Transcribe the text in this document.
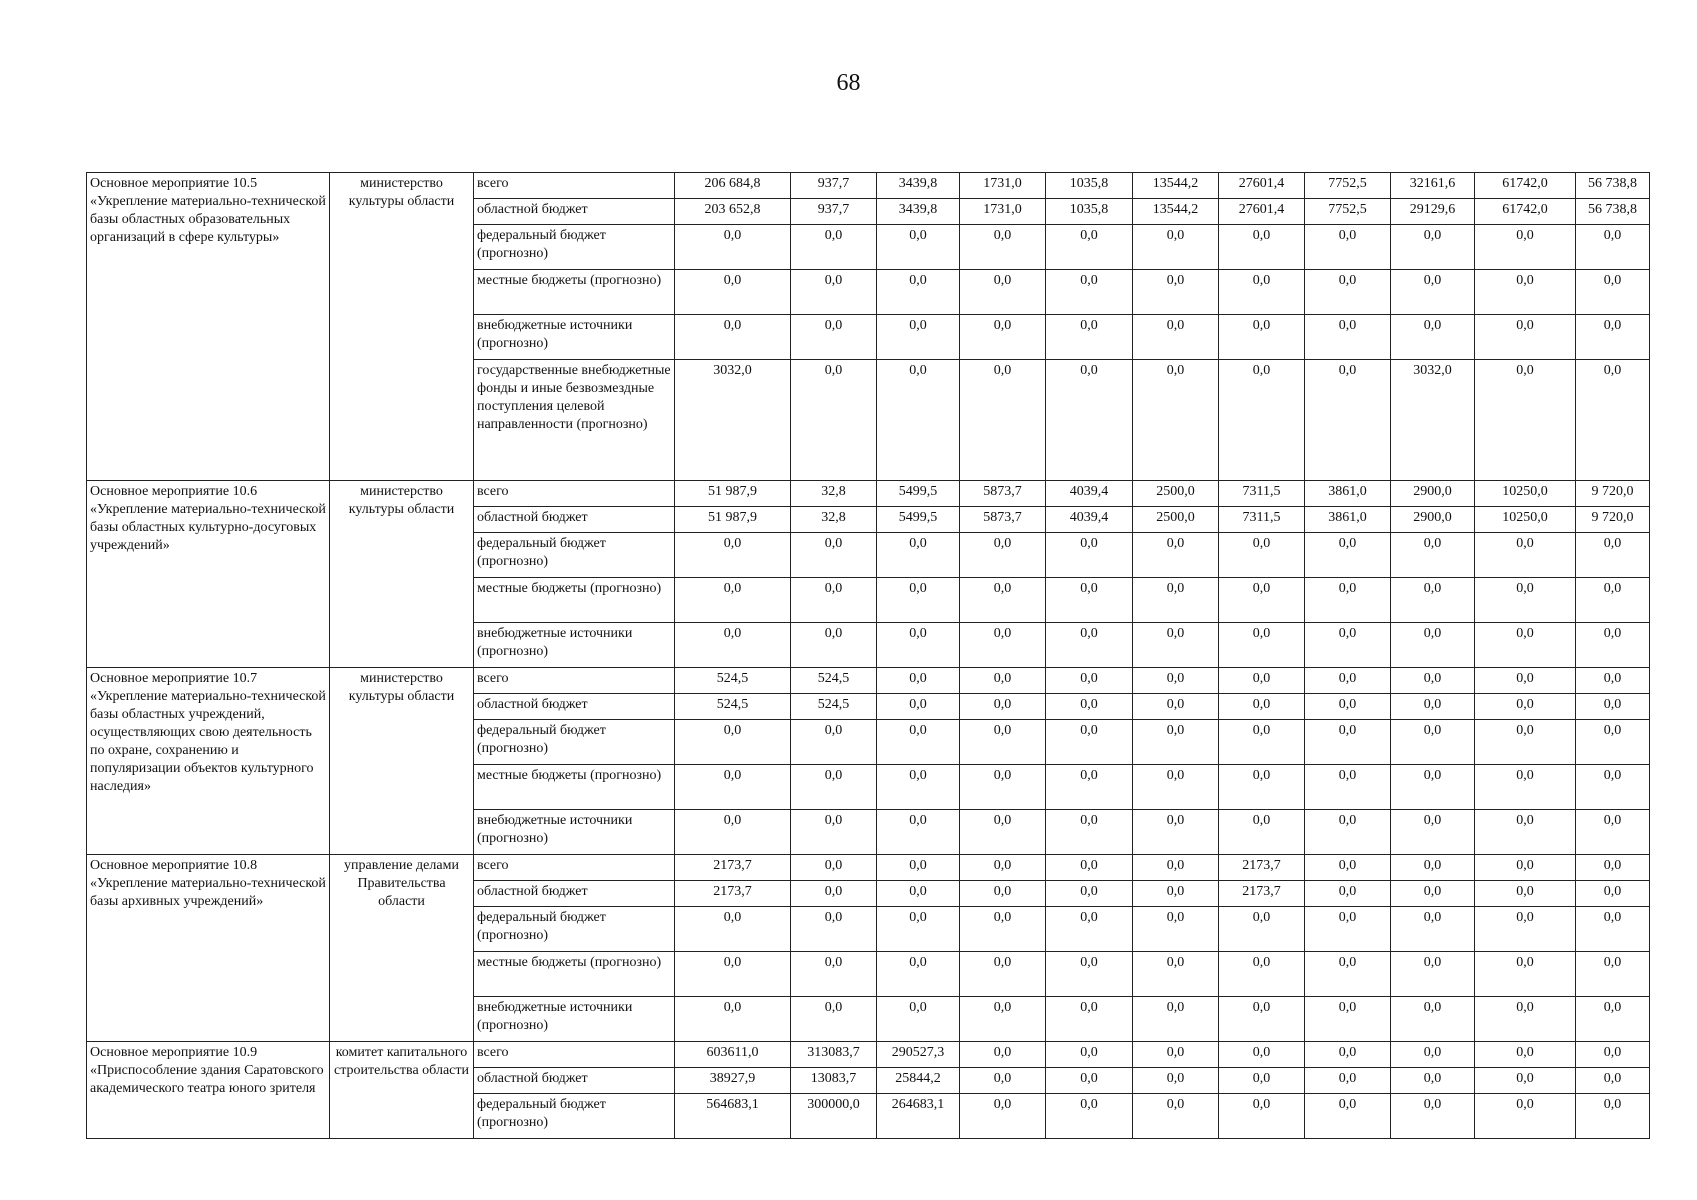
68
Основное мероприятие 10.5 «Укрепление материально-технической базы областных образовательных организаций в сфере культуры»	министерство культуры области	всего	206 684,8	937,7	3439,8	1731,0	1035,8	13544,2	27601,4	7752,5	32161,6	61742,0	56 738,8
		областной бюджет	203 652,8	937,7	3439,8	1731,0	1035,8	13544,2	27601,4	7752,5	29129,6	61742,0	56 738,8
		федеральный бюджет (прогнозно)	0,0	0,0	0,0	0,0	0,0	0,0	0,0	0,0	0,0	0,0	0,0
		местные бюджеты (прогнозно)	0,0	0,0	0,0	0,0	0,0	0,0	0,0	0,0	0,0	0,0	0,0
		внебюджетные источники (прогнозно)	0,0	0,0	0,0	0,0	0,0	0,0	0,0	0,0	0,0	0,0	0,0
		государственные внебюджетные фонды и иные безвозмездные поступления целевой направленности (прогнозно)	3032,0	0,0	0,0	0,0	0,0	0,0	0,0	0,0	3032,0	0,0	0,0
Основное мероприятие 10.6 «Укрепление материально-технической базы областных культурно-досуговых учреждений»	министерство культуры области	всего	51 987,9	32,8	5499,5	5873,7	4039,4	2500,0	7311,5	3861,0	2900,0	10250,0	9 720,0
		областной бюджет	51 987,9	32,8	5499,5	5873,7	4039,4	2500,0	7311,5	3861,0	2900,0	10250,0	9 720,0
		федеральный бюджет (прогнозно)	0,0	0,0	0,0	0,0	0,0	0,0	0,0	0,0	0,0	0,0	0,0
		местные бюджеты (прогнозно)	0,0	0,0	0,0	0,0	0,0	0,0	0,0	0,0	0,0	0,0	0,0
		внебюджетные источники (прогнозно)	0,0	0,0	0,0	0,0	0,0	0,0	0,0	0,0	0,0	0,0	0,0
Основное мероприятие 10.7 «Укрепление материально-технической базы областных учреждений, осуществляющих свою деятельность по охране, сохранению и популяризации объектов культурного наследия»	министерство культуры области	всего	524,5	524,5	0,0	0,0	0,0	0,0	0,0	0,0	0,0	0,0	0,0
		областной бюджет	524,5	524,5	0,0	0,0	0,0	0,0	0,0	0,0	0,0	0,0	0,0
		федеральный бюджет (прогнозно)	0,0	0,0	0,0	0,0	0,0	0,0	0,0	0,0	0,0	0,0	0,0
		местные бюджеты (прогнозно)	0,0	0,0	0,0	0,0	0,0	0,0	0,0	0,0	0,0	0,0	0,0
		внебюджетные источники (прогнозно)	0,0	0,0	0,0	0,0	0,0	0,0	0,0	0,0	0,0	0,0	0,0
Основное мероприятие 10.8 «Укрепление материально-технической базы архивных учреждений»	управление делами Правительства области	всего	2173,7	0,0	0,0	0,0	0,0	0,0	2173,7	0,0	0,0	0,0	0,0
		областной бюджет	2173,7	0,0	0,0	0,0	0,0	0,0	2173,7	0,0	0,0	0,0	0,0
		федеральный бюджет (прогнозно)	0,0	0,0	0,0	0,0	0,0	0,0	0,0	0,0	0,0	0,0	0,0
		местные бюджеты (прогнозно)	0,0	0,0	0,0	0,0	0,0	0,0	0,0	0,0	0,0	0,0	0,0
		внебюджетные источники (прогнозно)	0,0	0,0	0,0	0,0	0,0	0,0	0,0	0,0	0,0	0,0	0,0
Основное мероприятие 10.9 «Приспособление здания Саратовского академического театра юного зрителя	комитет капитального строительства области	всего	603611,0	313083,7	290527,3	0,0	0,0	0,0	0,0	0,0	0,0	0,0	0,0
		областной бюджет	38927,9	13083,7	25844,2	0,0	0,0	0,0	0,0	0,0	0,0	0,0	0,0
		федеральный бюджет (прогнозно)	564683,1	300000,0	264683,1	0,0	0,0	0,0	0,0	0,0	0,0	0,0	0,0
